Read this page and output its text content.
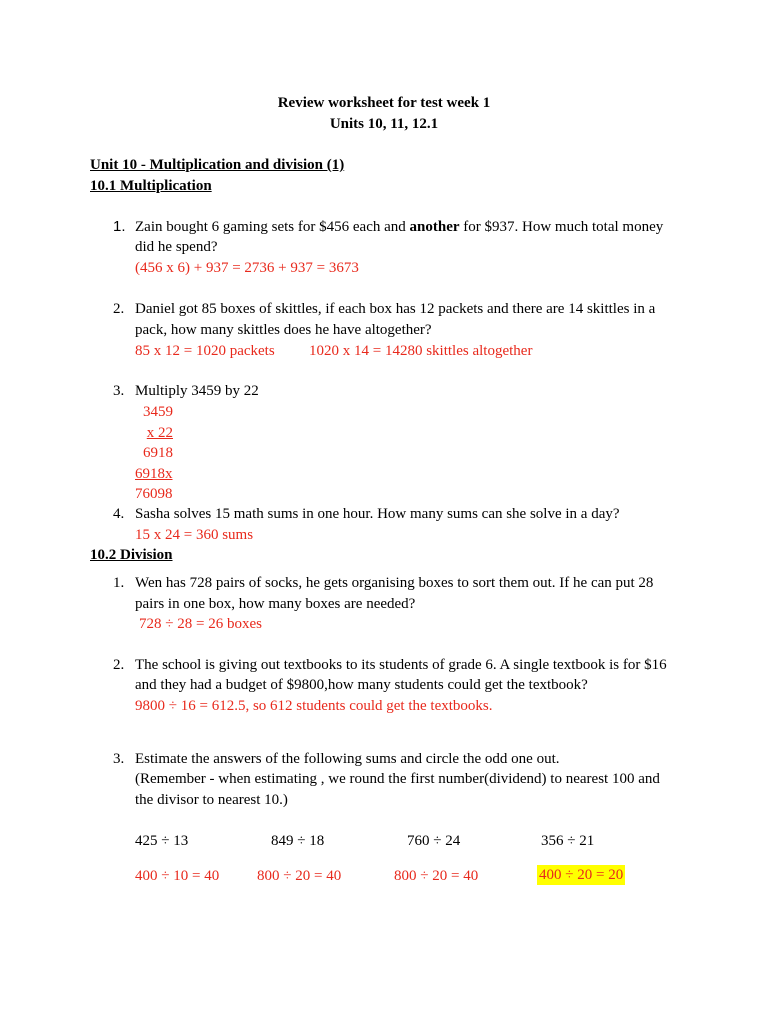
Review worksheet for test week 1
Units 10, 11, 12.1
Unit 10 - Multiplication and division (1)
10.1 Multiplication
1. Zain bought 6 gaming sets for $456 each and another for $937. How much total money
did he spend?
(456 x 6) + 937 = 2736 + 937 = 3673
2. Daniel got 85 boxes of skittles, if each box has 12 packets and there are 14 skittles in a
pack, how many skittles does he have altogether?
85 x 12 = 1020 packets 1020 x 14 = 14280 skittles altogether
3. Multiply 3459 by 22
3459
x 22
6918
6918x
76098
4. Sasha solves 15 math sums in one hour. How many sums can she solve in a day?
15 x 24 = 360 sums
10.2 Division
1. Wen has 728 pairs of socks, he gets organising boxes to sort them out. If he can put 28
pairs in one box, how many boxes are needed?
728 ÷ 28 = 26 boxes
2. The school is giving out textbooks to its students of grade 6. A single textbook is for $16
and they had a budget of $9800,how many students could get the textbook?
9800 ÷ 16 = 612.5, so 612 students could get the textbooks.
3. Estimate the answers of the following sums and circle the odd one out.
(Remember - when estimating , we round the first number(dividend) to nearest 100 and
the divisor to nearest 10.)
425 ÷ 13	849 ÷ 18	760 ÷ 24	356 ÷ 21
400 ÷ 10 = 40	800 ÷ 20 = 40	800 ÷ 20 = 40	400 ÷ 20 = 20
